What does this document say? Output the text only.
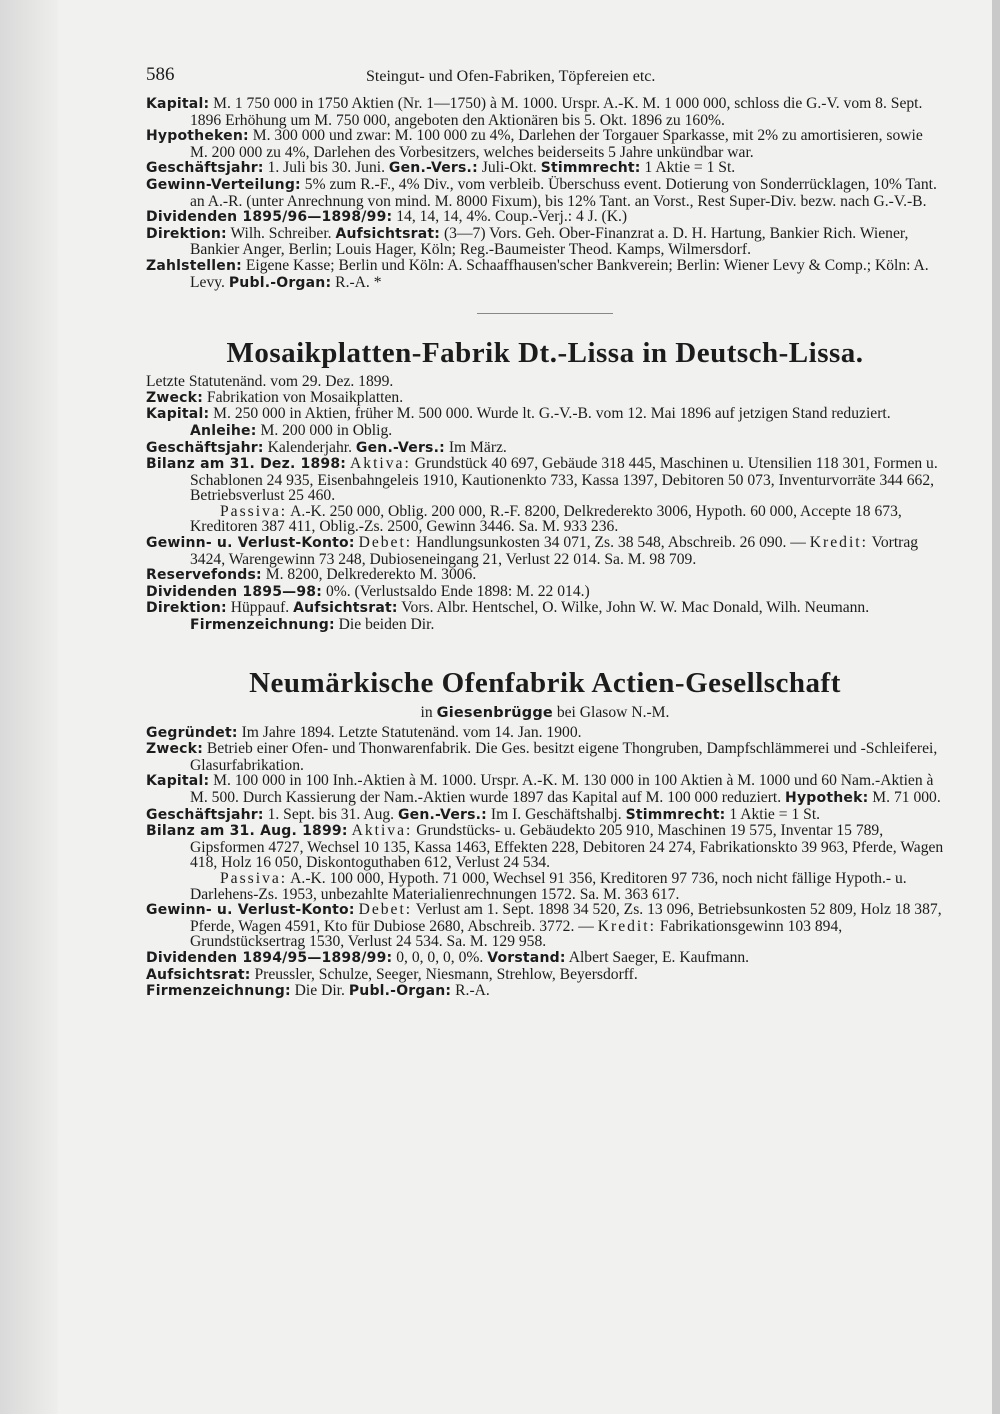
586	Steingut- und Ofen-Fabriken, Töpfereien etc.

Kapital: M. 1 750 000 in 1750 Aktien (Nr. 1—1750) à M. 1000. Urspr. A.-K. M. 1 000 000, schloss die G.-V. vom 8. Sept. 1896 Erhöhung um M. 750 000, angeboten den Aktionären bis 5. Okt. 1896 zu 160%.

Hypotheken: M. 300 000 und zwar: M. 100 000 zu 4%, Darlehen der Torgauer Sparkasse, mit 2% zu amortisieren, sowie M. 200 000 zu 4%, Darlehen des Vorbesitzers, welches beiderseits 5 Jahre unkündbar war.

Geschäftsjahr: 1. Juli bis 30. Juni. Gen.-Vers.: Juli-Okt. Stimmrecht: 1 Aktie = 1 St.

Gewinn-Verteilung: 5% zum R.-F., 4% Div., vom verbleib. Überschuss event. Dotierung von Sonderrücklagen, 10% Tant. an A.-R. (unter Anrechnung von mind. M. 8000 Fixum), bis 12% Tant. an Vorst., Rest Super-Div. bezw. nach G.-V.-B.

Dividenden 1895/96—1898/99: 14, 14, 14, 4%. Coup.-Verj.: 4 J. (K.)

Direktion: Wilh. Schreiber. Aufsichtsrat: (3—7) Vors. Geh. Ober-Finanzrat a. D. H. Hartung, Bankier Rich. Wiener, Bankier Anger, Berlin; Louis Hager, Köln; Reg.-Baumeister Theod. Kamps, Wilmersdorf.

Zahlstellen: Eigene Kasse; Berlin und Köln: A. Schaaffhausen'scher Bankverein; Berlin: Wiener Levy & Comp.; Köln: A. Levy. Publ.-Organ: R.-A. *

Mosaikplatten-Fabrik Dt.-Lissa in Deutsch-Lissa.

Letzte Statutenänd. vom 29. Dez. 1899.

Zweck: Fabrikation von Mosaikplatten.

Kapital: M. 250 000 in Aktien, früher M. 500 000. Wurde lt. G.-V.-B. vom 12. Mai 1896 auf jetzigen Stand reduziert. Anleihe: M. 200 000 in Oblig.

Geschäftsjahr: Kalenderjahr. Gen.-Vers.: Im März.

Bilanz am 31. Dez. 1898: Aktiva: Grundstück 40 697, Gebäude 318 445, Maschinen u. Utensilien 118 301, Formen u. Schablonen 24 935, Eisenbahngeleis 1910, Kautionenkto 733, Kassa 1397, Debitoren 50 073, Inventurvorräte 344 662, Betriebsverlust 25 460.

Passiva: A.-K. 250 000, Oblig. 200 000, R.-F. 8200, Delkrederekto 3006, Hypoth. 60 000, Accepte 18 673, Kreditoren 387 411, Oblig.-Zs. 2500, Gewinn 3446. Sa. M. 933 236.

Gewinn- u. Verlust-Konto: Debet: Handlungsunkosten 34 071, Zs. 38 548, Abschreib. 26 090. — Kredit: Vortrag 3424, Warengewinn 73 248, Dubioseneingang 21, Verlust 22 014. Sa. M. 98 709.

Reservefonds: M. 8200, Delkrederekto M. 3006.

Dividenden 1895—98: 0%. (Verlustsaldo Ende 1898: M. 22 014.)

Direktion: Hüppauf. Aufsichtsrat: Vors. Albr. Hentschel, O. Wilke, John W. W. Mac Donald, Wilh. Neumann. Firmenzeichnung: Die beiden Dir.

Neumärkische Ofenfabrik Actien-Gesellschaft

in Giesenbrügge bei Glasow N.-M.

Gegründet: Im Jahre 1894. Letzte Statutenänd. vom 14. Jan. 1900.

Zweck: Betrieb einer Ofen- und Thonwarenfabrik. Die Ges. besitzt eigene Thongruben, Dampfschlämmerei und -Schleiferei, Glasurfabrikation.

Kapital: M. 100 000 in 100 Inh.-Aktien à M. 1000. Urspr. A.-K. M. 130 000 in 100 Aktien à M. 1000 und 60 Nam.-Aktien à M. 500. Durch Kassierung der Nam.-Aktien wurde 1897 das Kapital auf M. 100 000 reduziert. Hypothek: M. 71 000.

Geschäftsjahr: 1. Sept. bis 31. Aug. Gen.-Vers.: Im I. Geschäftshalbj. Stimmrecht: 1 Aktie = 1 St.

Bilanz am 31. Aug. 1899: Aktiva: Grundstücks- u. Gebäudekto 205 910, Maschinen 19 575, Inventar 15 789, Gipsformen 4727, Wechsel 10 135, Kassa 1463, Effekten 228, Debitoren 24 274, Fabrikationskto 39 963, Pferde, Wagen 418, Holz 16 050, Diskontoguthaben 612, Verlust 24 534.

Passiva: A.-K. 100 000, Hypoth. 71 000, Wechsel 91 356, Kreditoren 97 736, noch nicht fällige Hypoth.- u. Darlehens-Zs. 1953, unbezahlte Materialienrechnungen 1572. Sa. M. 363 617.

Gewinn- u. Verlust-Konto: Debet: Verlust am 1. Sept. 1898 34 520, Zs. 13 096, Betriebsunkosten 52 809, Holz 18 387, Pferde, Wagen 4591, Kto für Dubiose 2680, Abschreib. 3772. — Kredit: Fabrikationsgewinn 103 894, Grundstücksertrag 1530, Verlust 24 534. Sa. M. 129 958.

Dividenden 1894/95—1898/99: 0, 0, 0, 0, 0%. Vorstand: Albert Saeger, E. Kaufmann.

Aufsichtsrat: Preussler, Schulze, Seeger, Niesmann, Strehlow, Beyersdorff.

Firmenzeichnung: Die Dir. Publ.-Organ: R.-A.
